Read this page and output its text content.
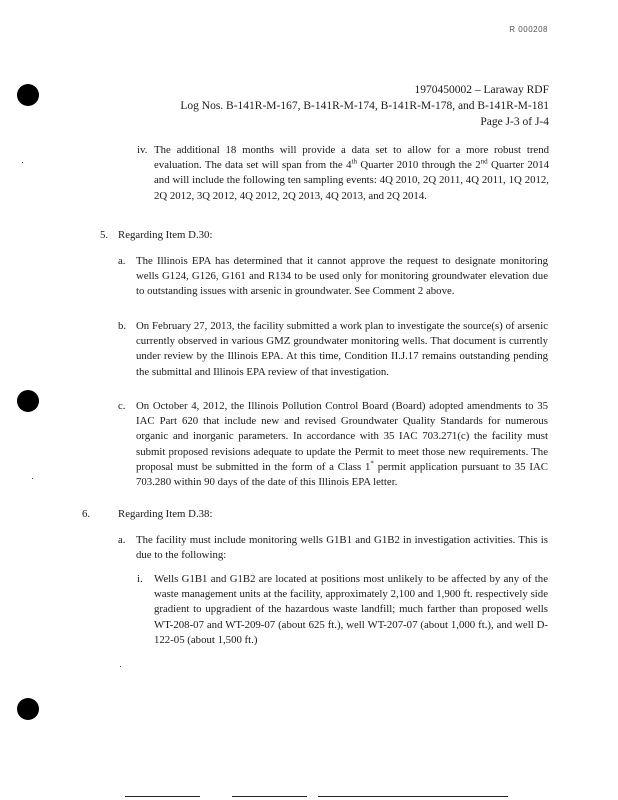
R 000208
1970450002 – Laraway RDF
Log Nos. B-141R-M-167, B-141R-M-174, B-141R-M-178, and B-141R-M-181
Page J-3 of J-4
iv. The additional 18 months will provide a data set to allow for a more robust trend evaluation. The data set will span from the 4th Quarter 2010 through the 2nd Quarter 2014 and will include the following ten sampling events: 4Q 2010, 2Q 2011, 4Q 2011, 1Q 2012, 2Q 2012, 3Q 2012, 4Q 2012, 2Q 2013, 4Q 2013, and 2Q 2014.
5. Regarding Item D.30:
a. The Illinois EPA has determined that it cannot approve the request to designate monitoring wells G124, G126, G161 and R134 to be used only for monitoring groundwater elevation due to outstanding issues with arsenic in groundwater. See Comment 2 above.
b. On February 27, 2013, the facility submitted a work plan to investigate the source(s) of arsenic currently observed in various GMZ groundwater monitoring wells. That document is currently under review by the Illinois EPA. At this time, Condition II.J.17 remains outstanding pending the submittal and Illinois EPA review of that investigation.
c. On October 4, 2012, the Illinois Pollution Control Board (Board) adopted amendments to 35 IAC Part 620 that include new and revised Groundwater Quality Standards for numerous organic and inorganic parameters. In accordance with 35 IAC 703.271(c) the facility must submit proposed revisions adequate to update the Permit to meet those new requirements. The proposal must be submitted in the form of a Class 1* permit application pursuant to 35 IAC 703.280 within 90 days of the date of this Illinois EPA letter.
6.	Regarding Item D.38:
a. The facility must include monitoring wells G1B1 and G1B2 in investigation activities. This is due to the following:
i. Wells G1B1 and G1B2 are located at positions most unlikely to be affected by any of the waste management units at the facility, approximately 2,100 and 1,900 ft. respectively side gradient to upgradient of the hazardous waste landfill; much farther than proposed wells WT-208-07 and WT-209-07 (about 625 ft.), well WT-207-07 (about 1,000 ft.), and well D-122-05 (about 1,500 ft.)
